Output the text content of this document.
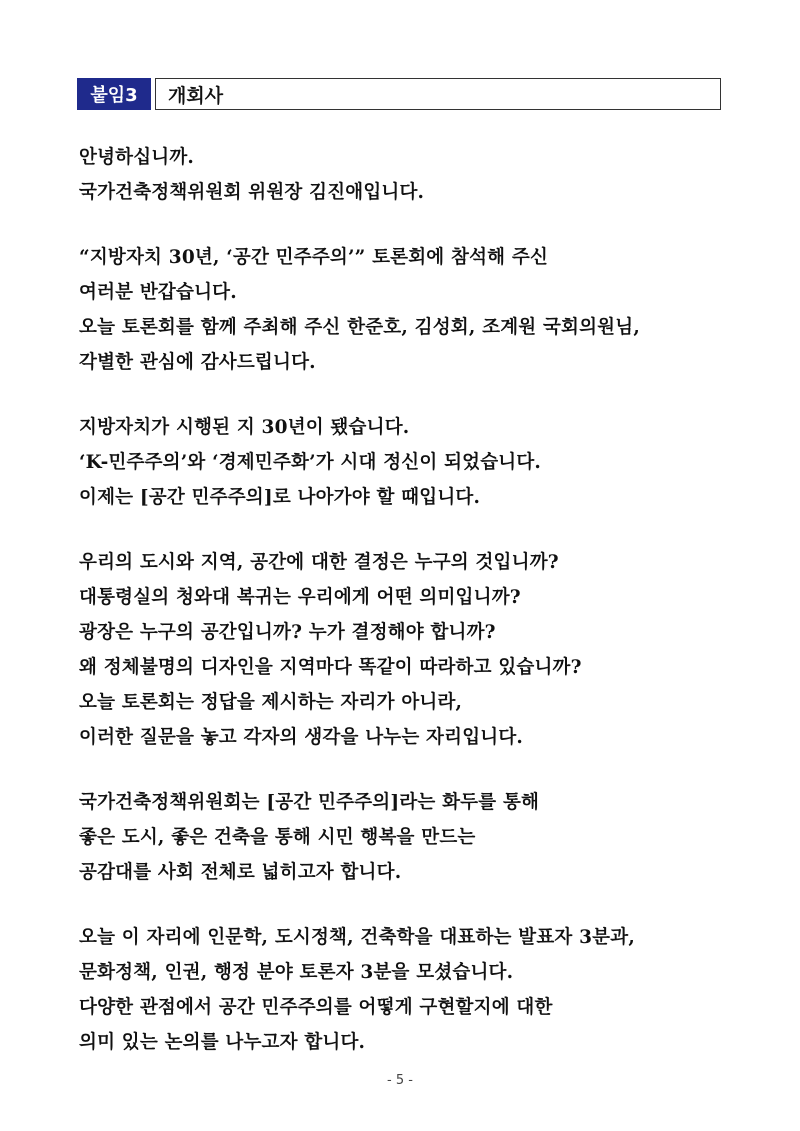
붙임3	개회사
안녕하십니까.
국가건축정책위원회 위원장 김진애입니다.
“지방자치 30년, ‘공간 민주주의’” 토론회에 참석해 주신
여러분 반갑습니다.
오늘 토론회를 함께 주최해 주신 한준호, 김성회, 조계원 국회의원님,
각별한 관심에 감사드립니다.
지방자치가 시행된 지 30년이 됐습니다.
‘K-민주주의’와 ‘경제민주화’가 시대 정신이 되었습니다.
이제는 [공간 민주주의]로 나아가야 할 때입니다.
우리의 도시와 지역, 공간에 대한 결정은 누구의 것입니까?
대통령실의 청와대 복귀는 우리에게 어떤 의미입니까?
광장은 누구의 공간입니까? 누가 결정해야 합니까?
왜 정체불명의 디자인을 지역마다 똑같이 따라하고 있습니까?
오늘 토론회는 정답을 제시하는 자리가 아니라,
이러한 질문을 놓고 각자의 생각을 나누는 자리입니다.
국가건축정책위원회는 [공간 민주주의]라는 화두를 통해
좋은 도시, 좋은 건축을 통해 시민 행복을 만드는
공감대를 사회 전체로 넓히고자 합니다.
오늘 이 자리에 인문학, 도시정책, 건축학을 대표하는 발표자 3분과,
문화정책, 인권, 행정 분야 토론자 3분을 모셨습니다.
다양한 관점에서 공간 민주주의를 어떻게 구현할지에 대한
의미 있는 논의를 나누고자 합니다.
- 5 -
